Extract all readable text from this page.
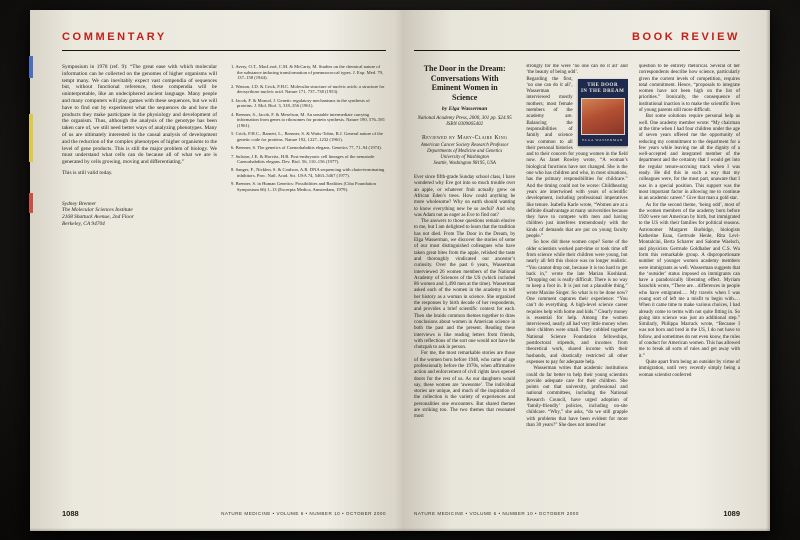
COMMENTARY

Symposium in 1978 (ref. 9): “The great ease with which molecular information can be collected on the genomes of higher organisms will tempt many. We can inevitably expect vast compendia of sequences but, without functional reference, these compendia will be uninterpretable, like an undeciphered ancient language. Many people and many computers will play games with these sequences, but we will have to find out by experiment what the sequences do and how the products they make participate in the physiology and development of the organism. Thus, although the analysis of the genotype has been taken care of, we still need better ways of analyzing phenotypes. Many of us are ultimately interested in the causal analysis of development and the reduction of the complex phenotypes of higher organisms to the level of gene products. This is still the major problem of biology. We must understand what cells can do because all of what we are is generated by cells growing, moving and differentiating.”

This is still valid today.

Sydney Brenner
The Molecular Sciences Institute
2168 Shattuck Avenue, 2nd Floor
Berkeley, CA 94704
1. Avery, O.T., MacLeod, C.M. & McCarty, M. Studies on the chemical nature of the substance inducing transformation of pneumococcal types. J. Exp. Med. 79, 137–158 (1944).
2. Watson, J.D. & Crick, F.H.C. Molecular structure of nucleic acids: a structure for deoxyribose nucleic acid. Nature 171, 737–738 (1953).
3. Jacob, F. & Monod, J. Genetic regulatory mechanisms in the synthesis of proteins. J. Mol. Biol. 3, 318–356 (1961).
4. Brenner, S., Jacob, F. & Meselson, M. An unstable intermediate carrying information from genes to ribosomes for protein synthesis. Nature 190, 576–581 (1961).
5. Crick, F.H.C., Barnett, L., Brenner, S. & Watts-Tobin, R.J. General nature of the genetic code for proteins. Nature 192, 1227–1232 (1961).
6. Brenner, S. The genetics of Caenorhabditis elegans. Genetics 77, 71–94 (1974).
7. Sulston, J.E. & Horvitz, H.R. Post-embryonic cell lineages of the nematode Caenorhabditis elegans. Dev. Biol. 56, 110–156 (1977).
8. Sanger, F., Nicklen, S. & Coulson, A.R. DNA sequencing with chain-terminating inhibitors. Proc. Natl. Acad. Sci. USA 74, 5463–5467 (1977).
9. Brenner, S. in Human Genetics: Possibilities and Realities (Ciba Foundation Symposium 66) 1–13 (Excerpta Medica, Amsterdam, 1979).
1088	NATURE MEDICINE • VOLUME 6 • NUMBER 10 • OCTOBER 2000
BOOK REVIEW
The Door in the Dream:
Conversations With
Eminent Women in
Science
by Elga Wasserman
National Academy Press, 2000, 301 pp. $24.95
ISBN 0309065402
Reviewed by Mary-Claire King
American Cancer Society Research Professor
Departments of Medicine and Genetics
University of Washington
Seattle, Washington 98195, USA

Ever since fifth-grade Sunday school class, I have wondered why Eve got into so much trouble over an apple, or whatever fruit actually grew on African Eden’s trees. How could anything be more wholesome? Why on earth should wanting to know everything new be so awful? And why was Adam not as eager as Eve to find out?

The answers to those questions remain elusive to me, but I am delighted to learn that the tradition has not died. From The Door in the Dream, by Elga Wasserman, we discover the stories of some of our most distinguished colleagues who have taken great bites from the apple, relished the taste and thoroughly vindicated our ancestor’s curiosity. Over the past 6 years, Wasserman interviewed 26 women members of the National Academy of Sciences of the US (which included 86 women and 1,490 men at the time). Wasserman asked each of the women in the academy to tell her history as a woman in science. She organized the responses by birth decade of her respondents, and provides a brief scientific context for each. Then she braids common themes together to draw conclusions about women in American science in both the past and the present. Reading these interviews is like reading letters from friends, with reflections of the sort one would not have the chutzpah to ask in person.

For me, the most remarkable stories are those of the women born before 1940, who came of age professionally before the 1970s, when affirmative action and enforcement of civil rights laws opened doors for the rest of us. As our daughters would say, these women are ‘awesome’. The individual stories are unique, and much of the inspiration of the collection is the variety of experiences and personalities one encounters. But shared themes are striking too. The two themes that resonated most

strongly for me were ‘no one can do it all’ and ‘the beauty of being odd’.

THE DOOR
IN THE DREAM
ELGA WASSERMAN

Regarding the first, ‘no one can do it all’, Wasserman interviewed mostly mothers; most female members of the academy are. Balancing the responsibilities of family and science was common to all their personal histories and to their concern for young women in the field now. As Janet Rowley wrote, “A woman’s biological functions have not changed. She is the one who has children and who, in most situations, has the primary responsibilities for childcare.” And the timing could not be worse: Childbearing years are intertwined with years of scientific development, including professional imperatives like tenure. Isabella Karle wrote, “Women are at a definite disadvantage at many universities because they have to compete with men and having children just interferes tremendously with the kinds of demands that are put on young faculty people.”

So how did these women cope? Some of the older scientists worked part-time or took time off from science while their children were young, but nearly all felt this choice was no longer realistic. “You cannot drop out, because it is too hard to get back in,” wrote the late Marian Koshland. “Dropping out is really difficult. There is no way to keep a foot in. It is just not a plausible thing,” wrote Maxine Singer. So what is to be done now? One comment captures their experience: “You can’t do everything. A high-level science career requires help with home and kids.” Clearly money is essential for help. Among the women interviewed, nearly all had very little money when their children were small. They cobbled together National Science Foundation fellowships, postdoctoral stipends, and incomes from theoretical work, shared income with their husbands, and drastically restricted all other expenses to pay for adequate help.

Wasserman writes that academic institutions could do far better to help their young scientists provide adequate care for their children. She points out that university, professional and national committees, including the National Research Council, have urged adoption of ‘family-friendly’ policies, including on-site childcare. “Why,” she asks, “do we still grapple with problems that have been evident for more than 30 years?” She does not intend her

question to be entirely rhetorical. Several of her correspondents describe how science, particularly given the current levels of competition, requires total commitment. Hence, “proposals to integrate women have not been high on the list of priorities.” Ironically, the consequence of institutional inaction is to make the scientific lives of young parents still more difficult.

But some solutions require personal help as well. One academy member wrote: “My chairman at the time when I had four children under the age of seven years offered me the opportunity of reducing my commitment to the department for a few years while leaving me all the dignity of a well-accepted and integrated member of the department and the certainty that I would get into the regular tenure-accruing track when I was ready. He did this in such a way that my colleagues were, for the most part, unaware that I was in a special position. This support was the most important factor in allowing me to continue in an academic career.” Give that man a gold star.

As for the second theme, ‘being odd’, most of the women members of the academy born before 1920 were not American by birth, but immigrated to the US with their families for political reasons. Astronomer Margaret Burbidge, biologists Katherine Esau, Gertrude Henle, Rita Levi-Montalcini, Berta Scharrer and Salome Waelsch, and physicists Gertrude Goldhaber and C.S. Wu form this remarkable group. A disproportionate number of younger women academy members were immigrants as well. Wasserman suggests that the ‘outsider’ status imposed on immigrants can have a paradoxically liberating effect. Myriam Sarachik wrote, “There are…differences in people who have emigrated.… My travels when I was young sort of left me a misfit to begin with.…When it came time to make various choices, I had already come to terms with not quite fitting in. So going into science was just an additional step.” Similarly, Philippa Marrack wrote, “Because I was not born and bred in the US, I do not have to follow, and sometimes do not even know, the rules of conduct for American women. This has allowed me to break all sorts of rules and get away with it.”

Quite apart from being an outsider by virtue of immigration, until very recently simply being a woman scientist conferred

NATURE MEDICINE • VOLUME 6 • NUMBER 10 • OCTOBER 2000	1089
